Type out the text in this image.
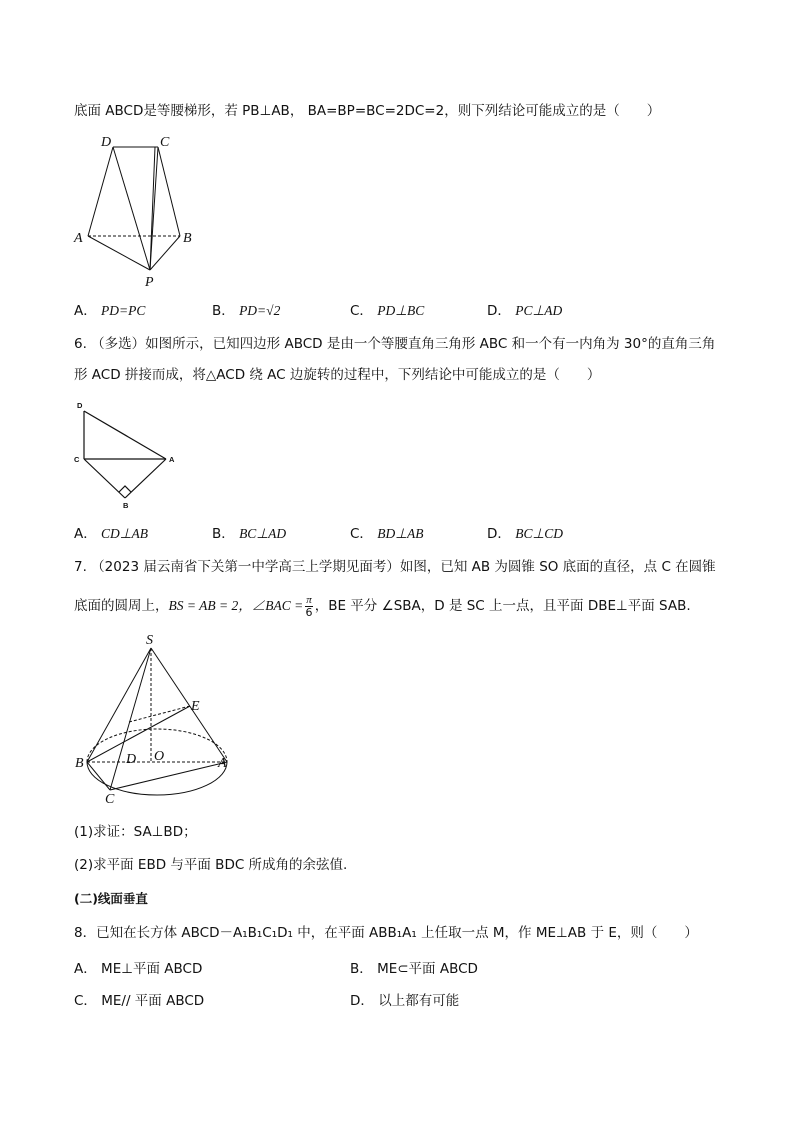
底面 ABCD是等腰梯形，若 PB⊥AB， BA=BP=BC=2DC=2，则下列结论可能成立的是（　　）
D	C
A	B
P
A． PD=PC	B． PD=√2	C． PD⊥BC	D． PC⊥AD
6. （多选）如图所示，已知四边形 ABCD 是由一个等腰直角三角形 ABC 和一个有一内角为 30°的直角三角
形 ACD 拼接而成，将△ACD 绕 AC 边旋转的过程中，下列结论中可能成立的是（　　）
D
C	A
B
A． CD⊥AB	B． BC⊥AD	C． BD⊥AB	D． BC⊥CD
7. （2023 届云南省下关第一中学高三上学期见面考）如图，已知 AB 为圆锥 SO 底面的直径，点 C 在圆锥
底面的圆周上，BS = AB = 2，∠BAC = $\frac{\pi}{6}$ ，BE 平分 ∠SBA，D 是 SC 上一点，且平面 DBE⊥平面 SAB.
S
E
B	D O	A
C
(1)求证：SA⊥BD；
(2)求平面 EBD 与平面 BDC 所成角的余弦值.
(二)线面垂直
8．已知在长方体 ABCD－A₁B₁C₁D₁ 中，在平面 ABB₁A₁ 上任取一点 M，作 ME⊥AB 于 E，则（　　）
A． ME⊥平面 ABCD	B． ME⊂平面 ABCD
C． ME// 平面 ABCD	D． 以上都有可能
